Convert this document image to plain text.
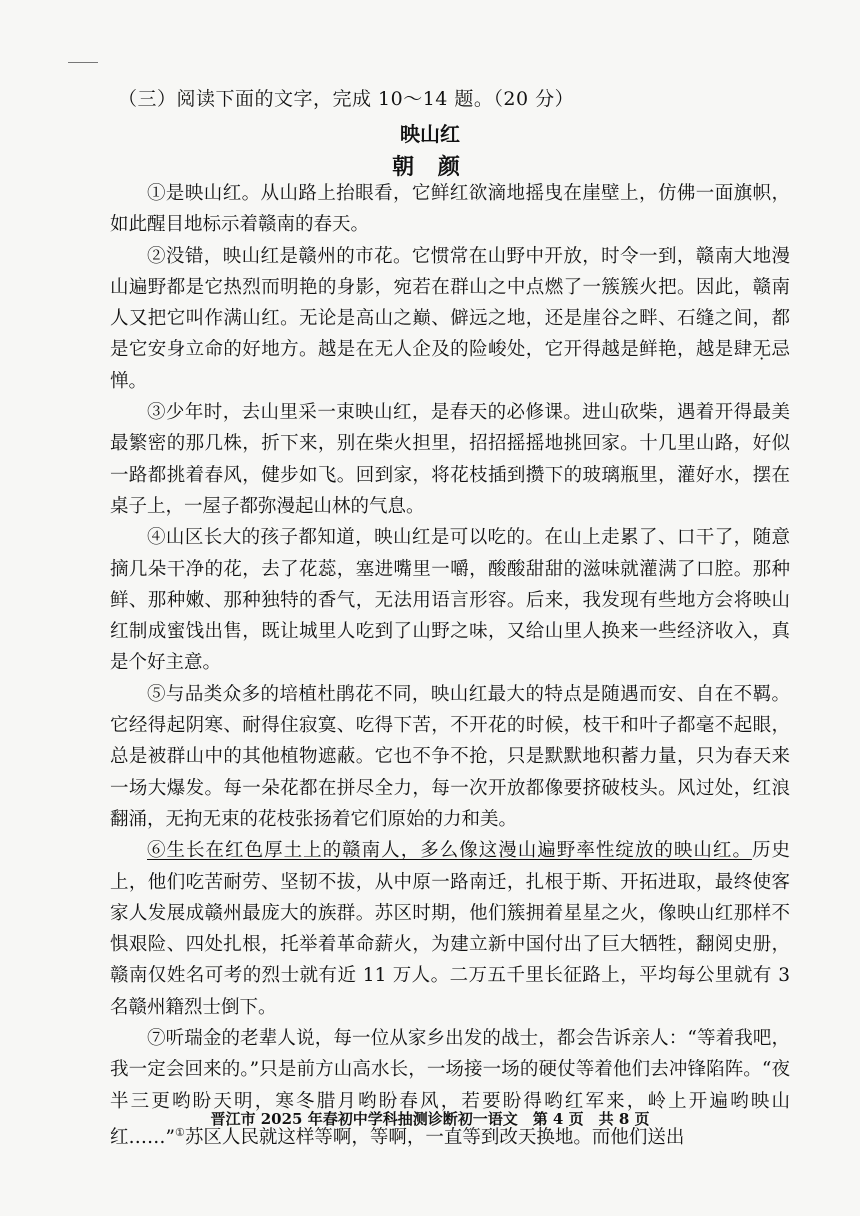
（三）阅读下面的文字，完成 10～14 题。（20 分）
映山红
朝 颜

①是映山红。从山路上抬眼看，它鲜红欲滴地摇曳在崖壁上，仿佛一面旗帜，如此醒目地标示着赣南的春天。

②没错，映山红是赣州的市花。它惯常在山野中开放，时令一到，赣南大地漫山遍野都是它热烈而明艳的身影，宛若在群山之中点燃了一簇簇火把。因此，赣南人又把它叫作满山红。无论是高山之巅、僻远之地，还是崖谷之畔、石缝之间，都是它安身立命的好地方。越是在无人企及的险峻处，它开得越是鲜艳，越是肆无忌惮。

③少年时，去山里采一束映山红，是春天的必修课。进山砍柴，遇着开得最美最繁密的那几株，折下来，别在柴火担里，招招摇摇地挑回家。十几里山路，好似一路都挑着春风，健步如飞。回到家，将花枝插到攒下的玻璃瓶里，灌好水，摆在桌子上，一屋子都弥漫起山林的气息。

④山区长大的孩子都知道，映山红是可以吃的。在山上走累了、口干了，随意摘几朵干净的花，去了花蕊，塞进嘴里一嚼，酸酸甜甜的滋味就灌满了口腔。那种鲜、那种嫩、那种独特的香气，无法用语言形容。后来，我发现有些地方会将映山红制成蜜饯出售，既让城里人吃到了山野之味，又给山里人换来一些经济收入，真是个好主意。

⑤与品类众多的培植杜鹃花不同，映山红最大的特点是随遇而安、自在不羁。它经得起阴寒、耐得住寂寞、吃得下苦，不开花的时候，枝干和叶子都毫不起眼，总是被群山中的其他植物遮蔽。它也不争不抢，只是默默地积蓄力量，只为春天来一场大爆发。每一朵花都在拼尽全力，每一次开放都像要挤破枝头。风过处，红浪翻涌，无拘无束的花枝张扬着它们原始的力和美。

⑥生长在红色厚土上的赣南人，多么像这漫山遍野率性绽放的映山红。历史上，他们吃苦耐劳、坚韧不拔，从中原一路南迁，扎根于斯、开拓进取，最终使客家人发展成赣州最庞大的族群。苏区时期，他们簇拥着星星之火，像映山红那样不惧艰险、四处扎根，托举着革命薪火，为建立新中国付出了巨大牺牲，翻阅史册，赣南仅姓名可考的烈士就有近 11 万人。二万五千里长征路上，平均每公里就有 3 名赣州籍烈士倒下。

⑦听瑞金的老辈人说，每一位从家乡出发的战士，都会告诉亲人：“等着我吧，我一定会回来的。”只是前方山高水长，一场接一场的硬仗等着他们去冲锋陷阵。“夜半三更哟盼天明，寒冬腊月哟盼春风，若要盼得哟红军来，岭上开遍哟映山红……”①苏区人民就这样等啊，等啊，一直等到改天换地。而他们送出

晋江市 2025 年春初中学科抽测诊断初一语文　第 4 页　共 8 页
